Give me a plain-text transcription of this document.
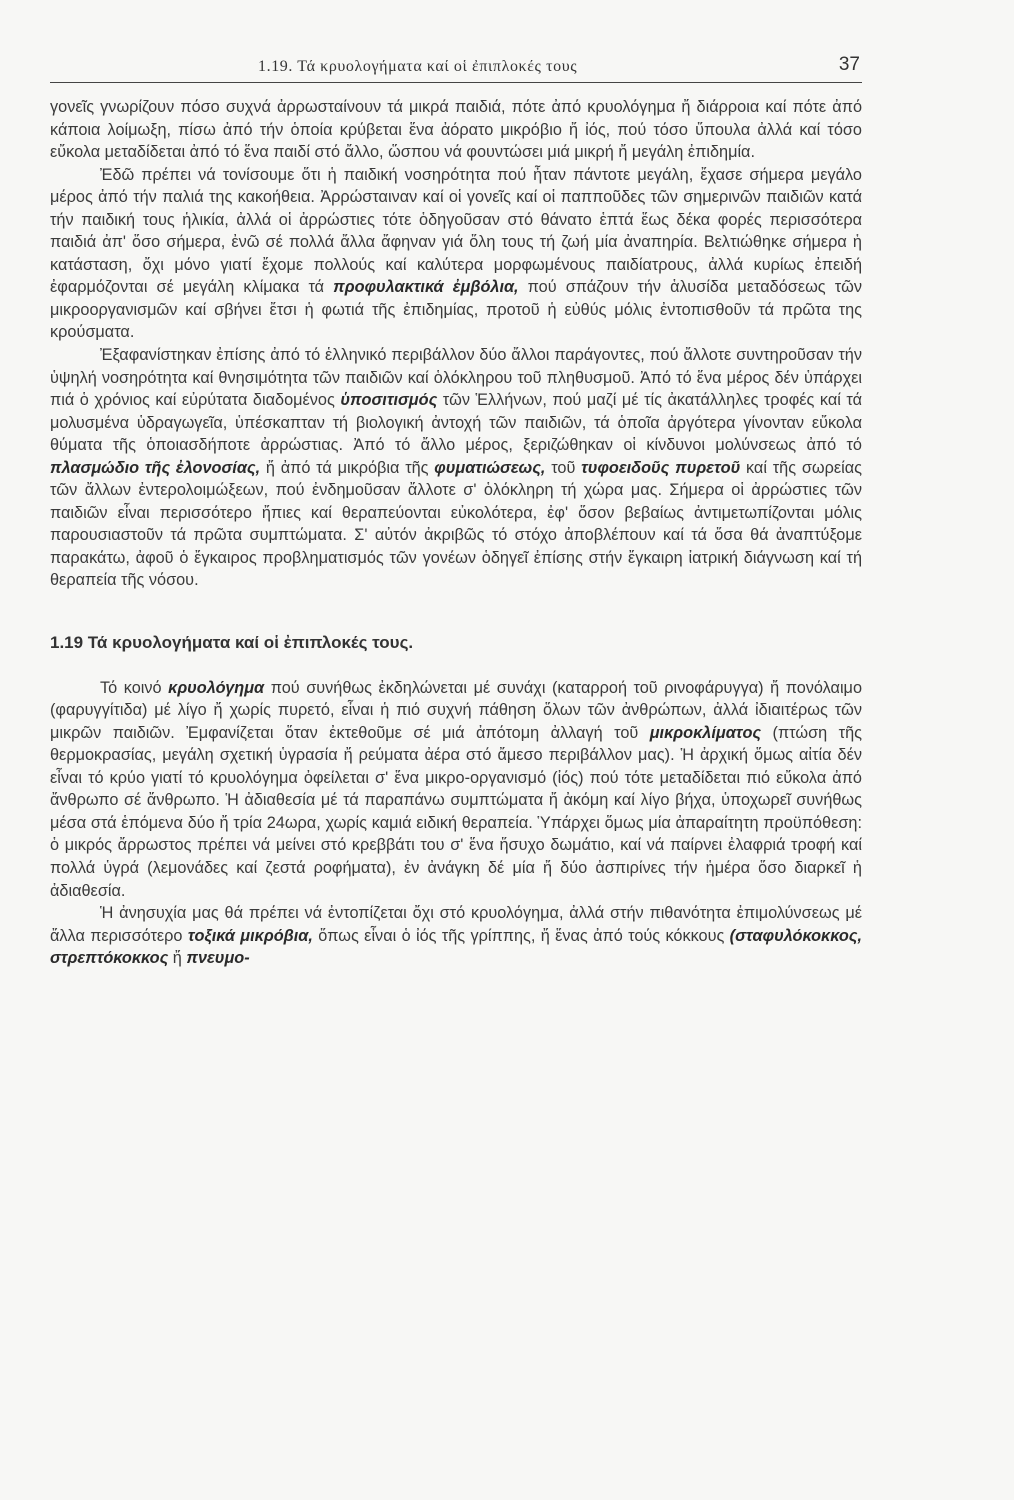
1.19. Τά κρυολογήματα καί οἱ ἐπιπλοκές τους	37

γονεῖς γνωρίζουν πόσο συχνά ἀρρωσταίνουν τά μικρά παιδιά, πότε ἀπό κρυολόγημα ἤ διάρροια καί πότε ἀπό κάποια λοίμωξη, πίσω ἀπό τήν ὁποία κρύβεται ἕνα ἀόρατο μικρόβιο ἤ ἰός, πού τόσο ὕπουλα ἀλλά καί τόσο εὔκολα μεταδίδεται ἀπό τό ἕνα παιδί στό ἄλλο, ὥσπου νά φουντώσει μιά μικρή ἤ μεγάλη ἐπιδημία.

Ἐδῶ πρέπει νά τονίσουμε ὅτι ἡ παιδική νοσηρότητα πού ἦταν πάντοτε μεγάλη, ἔχασε σήμερα μεγάλο μέρος ἀπό τήν παλιά της κακοήθεια. Ἀρρώσταιναν καί οἱ γονεῖς καί οἱ παπποῦδες τῶν σημερινῶν παιδιῶν κατά τήν παιδική τους ἡλικία, ἀλλά οἱ ἀρρώστιες τότε ὁδηγοῦσαν στό θάνατο ἑπτά ἕως δέκα φορές περισσότερα παιδιά ἀπ' ὅσο σήμερα, ἐνῶ σέ πολλά ἄλλα ἄφηναν γιά ὅλη τους τή ζωή μία ἀναπηρία. Βελτιώθηκε σήμερα ἡ κατάσταση, ὄχι μόνο γιατί ἔχομε πολλούς καί καλύτερα μορφωμένους παιδίατρους, ἀλλά κυρίως ἐπειδή ἐφαρμόζονται σέ μεγάλη κλίμακα τά προφυλακτικά ἐμβόλια, πού σπάζουν τήν ἁλυσίδα μεταδόσεως τῶν μικροοργανισμῶν καί σβήνει ἔτσι ἡ φωτιά τῆς ἐπιδημίας, προτοῦ ἡ εὐθύς μόλις ἐντοπισθοῦν τά πρῶτα της κρούσματα.

Ἐξαφανίστηκαν ἐπίσης ἀπό τό ἑλληνικό περιβάλλον δύο ἄλλοι παράγοντες, πού ἄλλοτε συντηροῦσαν τήν ὑψηλή νοσηρότητα καί θνησιμότητα τῶν παιδιῶν καί ὁλόκληρου τοῦ πληθυσμοῦ. Ἀπό τό ἕνα μέρος δέν ὑπάρχει πιά ὁ χρόνιος καί εὐρύτατα διαδομένος ὑποσιτισμός τῶν Ἑλλήνων, πού μαζί μέ τίς ἀκατάλληλες τροφές καί τά μολυσμένα ὑδραγωγεῖα, ὑπέσκαπταν τή βιολογική ἀντοχή τῶν παιδιῶν, τά ὁποῖα ἀργότερα γίνονταν εὔκολα θύματα τῆς ὁποιασδήποτε ἀρρώστιας. Ἀπό τό ἄλλο μέρος, ξεριζώθηκαν οἱ κίνδυνοι μολύνσεως ἀπό τό πλασμώδιο τῆς ἐλονοσίας, ἤ ἀπό τά μικρόβια τῆς φυματιώσεως, τοῦ τυφοειδοῦς πυρετοῦ καί τῆς σωρείας τῶν ἄλλων ἐντερολοιμώξεων, πού ἐνδημοῦσαν ἄλλοτε σ' ὁλόκληρη τή χώρα μας. Σήμερα οἱ ἀρρώστιες τῶν παιδιῶν εἶναι περισσότερο ἤπιες καί θεραπεύονται εὐκολότερα, ἐφ' ὅσον βεβαίως ἀντιμετωπίζονται μόλις παρουσιαστοῦν τά πρῶτα συμπτώματα. Σ' αὐτόν ἀκριβῶς τό στόχο ἀποβλέπουν καί τά ὅσα θά ἀναπτύξομε παρακάτω, ἀφοῦ ὁ ἔγκαιρος προβληματισμός τῶν γονέων ὁδηγεῖ ἐπίσης στήν ἔγκαιρη ἰατρική διάγνωση καί τή θεραπεία τῆς νόσου.

1.19 Τά κρυολογήματα καί οἱ ἐπιπλοκές τους.

Τό κοινό κρυολόγημα πού συνήθως ἐκδηλώνεται μέ συνάχι (καταρροή τοῦ ρινοφάρυγγα) ἤ πονόλαιμο (φαρυγγίτιδα) μέ λίγο ἤ χωρίς πυρετό, εἶναι ἡ πιό συχνή πάθηση ὅλων τῶν ἀνθρώπων, ἀλλά ἰδιαιτέρως τῶν μικρῶν παιδιῶν. Ἐμφανίζεται ὅταν ἐκτεθοῦμε σέ μιά ἀπότομη ἀλλαγή τοῦ μικροκλίματος (πτώση τῆς θερμοκρασίας, μεγάλη σχετική ὑγρασία ἤ ρεύματα ἀέρα στό ἄμεσο περιβάλλον μας). Ἡ ἀρχική ὅμως αἰτία δέν εἶναι τό κρύο γιατί τό κρυολόγημα ὀφείλεται σ' ἕνα μικρο-οργανισμό (ἰός) πού τότε μεταδίδεται πιό εὔκολα ἀπό ἄνθρωπο σέ ἄνθρωπο. Ἡ ἀδιαθεσία μέ τά παραπάνω συμπτώματα ἤ ἀκόμη καί λίγο βήχα, ὑποχωρεῖ συνήθως μέσα στά ἑπόμενα δύο ἤ τρία 24ωρα, χωρίς καμιά ειδική θεραπεία. Ὑπάρχει ὅμως μία ἀπαραίτητη προϋπόθεση: ὁ μικρός ἄρρωστος πρέπει νά μείνει στό κρεββάτι του σ' ἕνα ἥσυχο δωμάτιο, καί νά παίρνει ἐλαφριά τροφή καί πολλά ὑγρά (λεμονάδες καί ζεστά ροφήματα), ἐν ἀνάγκη δέ μία ἤ δύο ἀσπιρίνες τήν ἡμέρα ὅσο διαρκεῖ ἡ ἀδιαθεσία.

Ἡ ἀνησυχία μας θά πρέπει νά ἐντοπίζεται ὄχι στό κρυολόγημα, ἀλλά στήν πιθανότητα ἐπιμολύνσεως μέ ἄλλα περισσότερο τοξικά μικρόβια, ὅπως εἶναι ὁ ἰός τῆς γρίππης, ἤ ἕνας ἀπό τούς κόκκους (σταφυλόκοκκος, στρεπτόκοκκος ἤ πνευμο-
